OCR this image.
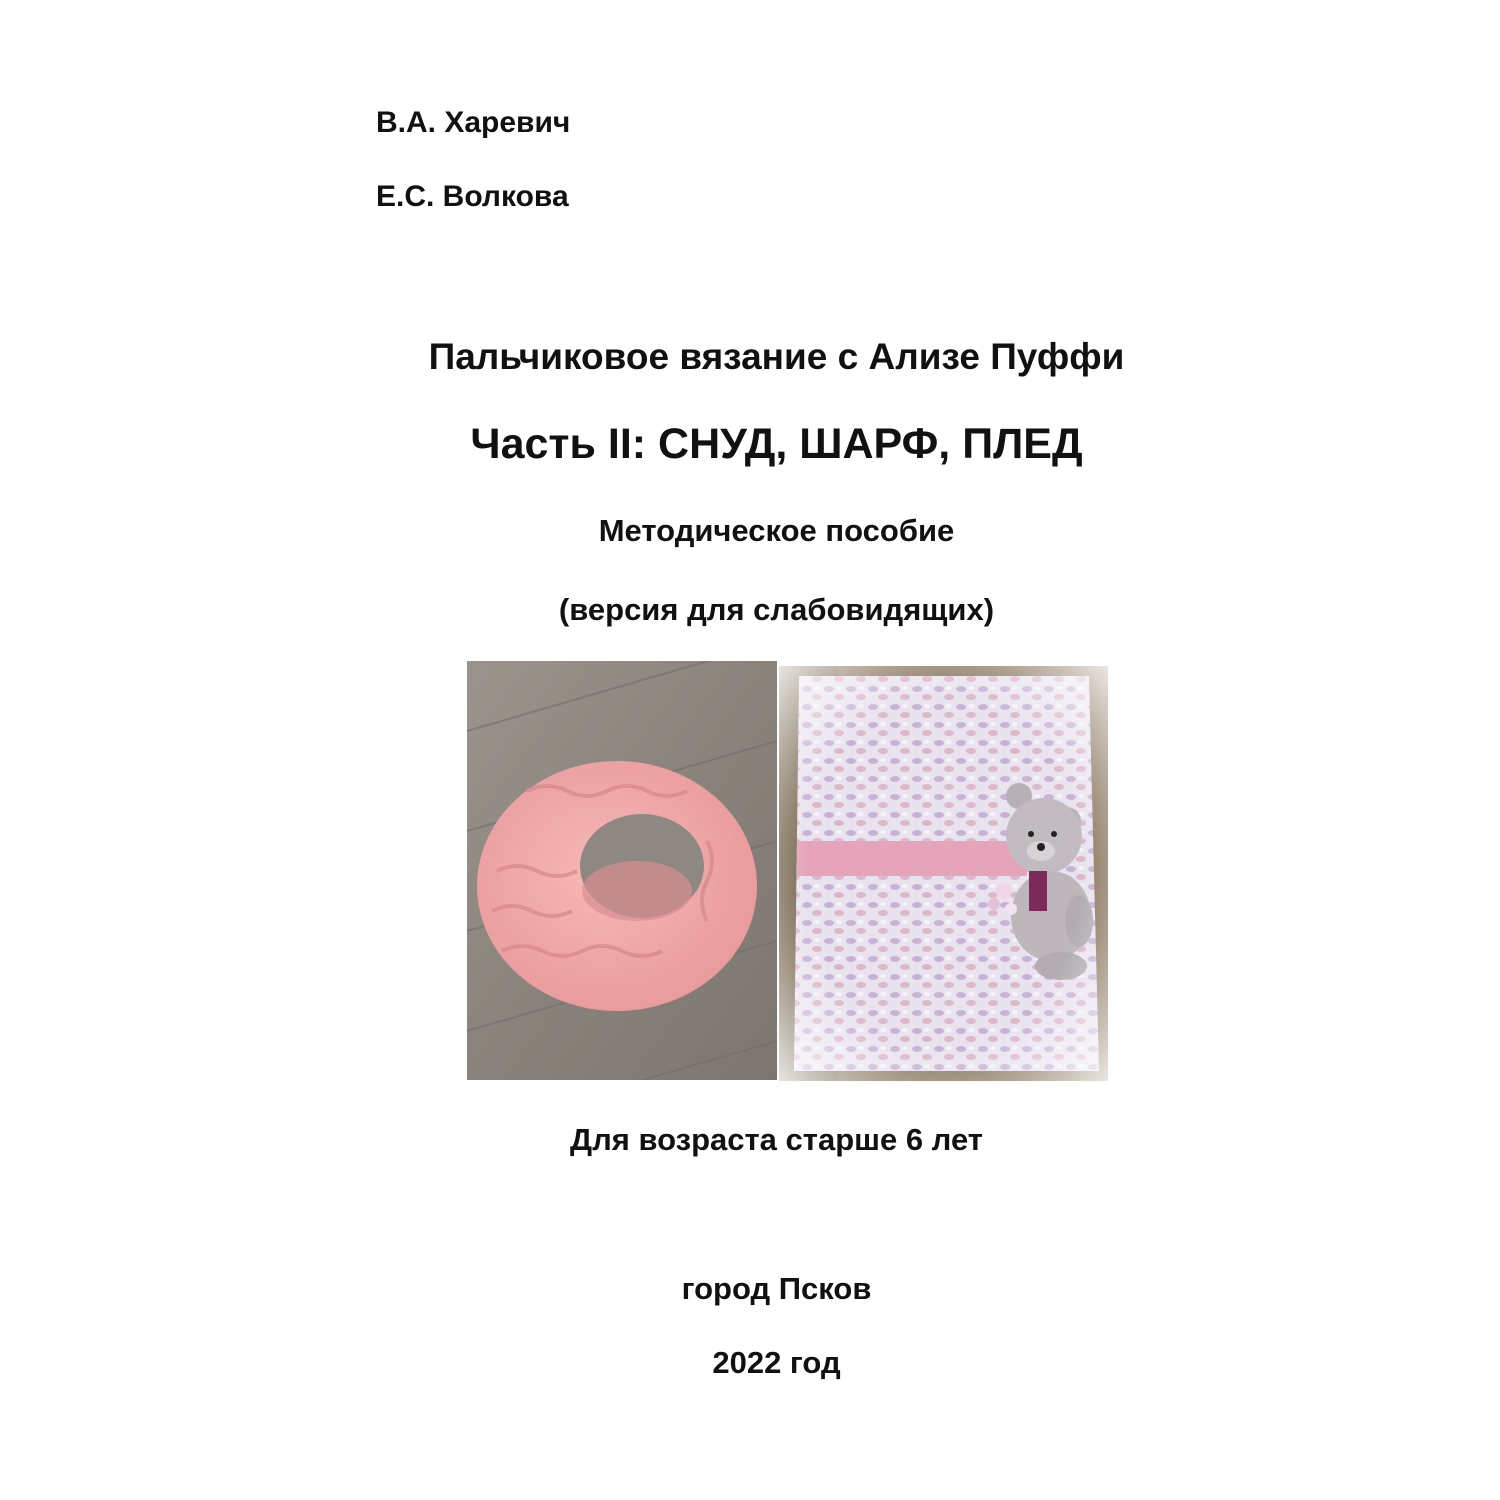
В.А. Харевич
Е.С. Волкова
Пальчиковое вязание с Ализе Пуффи
Часть II: СНУД, ШАРФ, ПЛЕД
Методическое пособие
(версия для слабовидящих)
Для возраста старше 6 лет
город Псков
2022 год
